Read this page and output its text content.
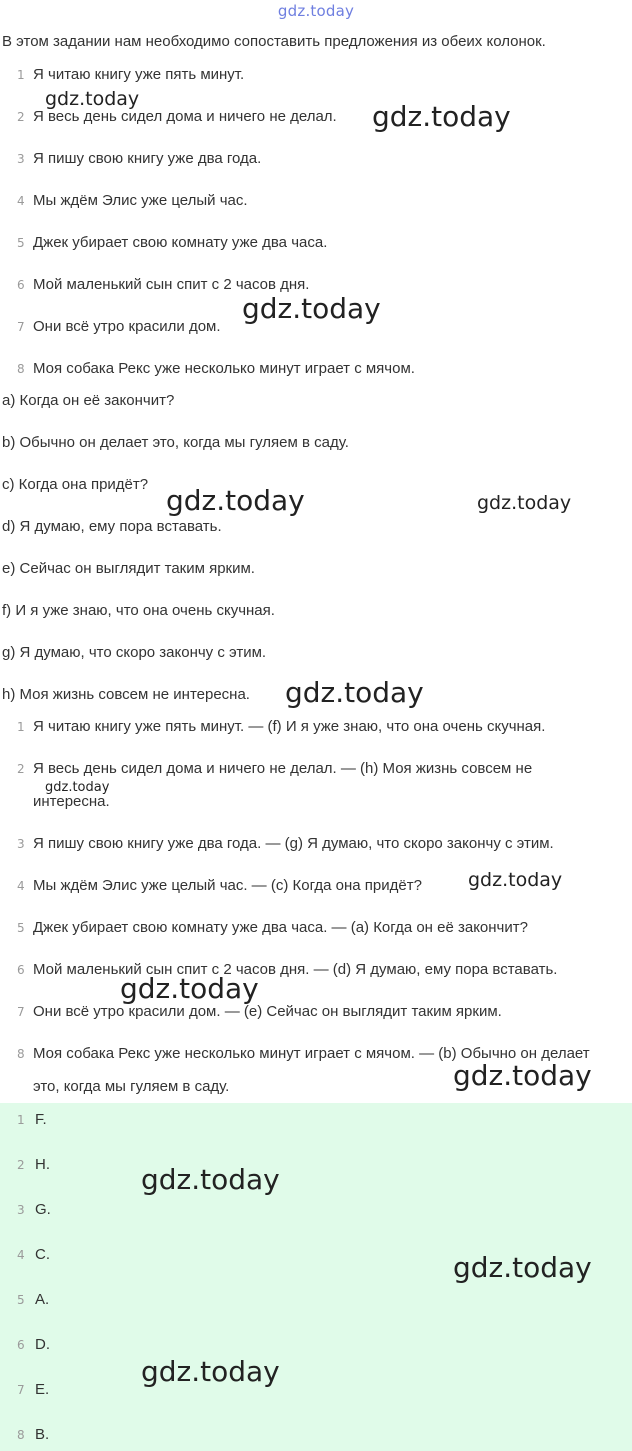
gdz.today
В этом задании нам необходимо сопоставить предложения из обеих колонок.
1 Я читаю книгу уже пять минут.
2 Я весь день сидел дома и ничего не делал.
3 Я пишу свою книгу уже два года.
4 Мы ждём Элис уже целый час.
5 Джек убирает свою комнату уже два часа.
6 Мой маленький сын спит с 2 часов дня.
7 Они всё утро красили дом.
8 Моя собака Рекс уже несколько минут играет с мячом.
a) Когда он её закончит?
b) Обычно он делает это, когда мы гуляем в саду.
c) Когда она придёт?
d) Я думаю, ему пора вставать.
e) Сейчас он выглядит таким ярким.
f) И я уже знаю, что она очень скучная.
g) Я думаю, что скоро закончу с этим.
h) Моя жизнь совсем не интересна.
1 Я читаю книгу уже пять минут. — (f) И я уже знаю, что она очень скучная.
2 Я весь день сидел дома и ничего не делал. — (h) Моя жизнь совсем не интересна.
3 Я пишу свою книгу уже два года. — (g) Я думаю, что скоро закончу с этим.
4 Мы ждём Элис уже целый час. — (c) Когда она придёт?
5 Джек убирает свою комнату уже два часа. — (a) Когда он её закончит?
6 Мой маленький сын спит с 2 часов дня. — (d) Я думаю, ему пора вставать.
7 Они всё утро красили дом. — (e) Сейчас он выглядит таким ярким.
8 Моя собака Рекс уже несколько минут играет с мячом. — (b) Обычно он делает это, когда мы гуляем в саду.
1 F.
2 H.
3 G.
4 C.
5 A.
6 D.
7 E.
8 B.
gdz.today
gdz.today
gdz.today
gdz.today	gdz.today
gdz.today
gdz.today
gdz.today
gdz.today
gdz.today
gdz.today
gdz.today
gdz.today
